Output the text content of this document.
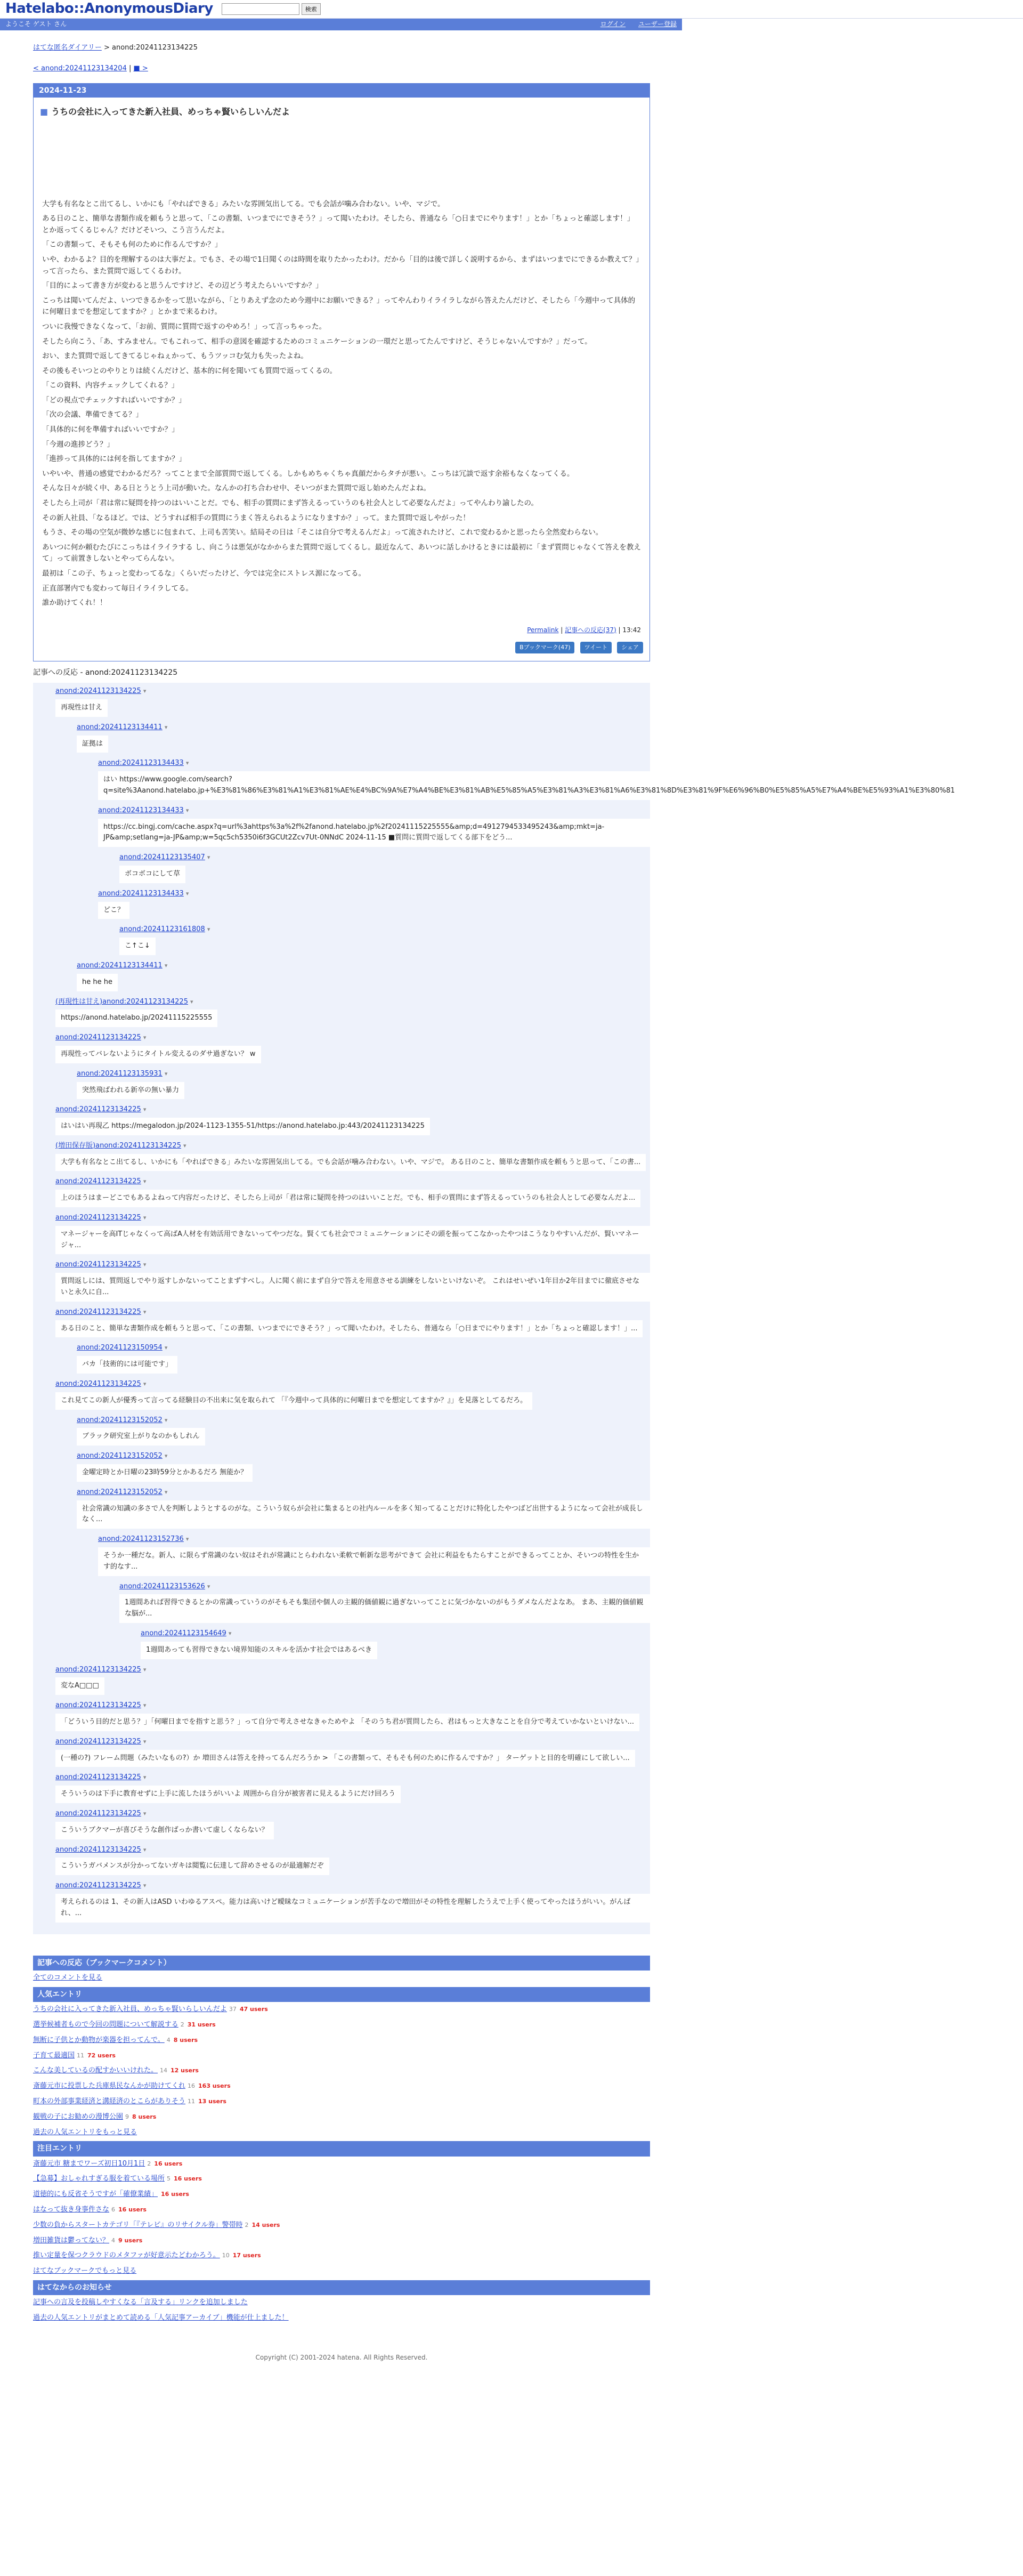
Hatelabo::AnonymousDiary	検索
ようこそ ゲスト さん	ログイン ユーザー登録
はてな匿名ダイアリー > anond:20241123134225
< anond:20241123134204 | ■ >
2024-11-23
■ うちの会社に入ってきた新入社員、めっちゃ賢いらしいんだよ

大学も有名なとこ出てるし、いかにも「やればできる」みたいな雰囲気出してる。でも会話が噛み合わない。いや、マジで。

ある日のこと、簡単な書類作成を頼もうと思って、「この書類、いつまでにできそう？」って聞いたわけ。そしたら、普通なら「○日までにやります！」とか「ちょっと確認します！」とか返ってくるじゃん？だけどそいつ、こう言うんだよ。

「この書類って、そもそも何のために作るんですか？」

いや、わかるよ？目的を理解するのは大事だよ。でもさ、その場で1日聞くのは時間を取りたかったわけ。だから「目的は後で詳しく説明するから、まずはいつまでにできるか教えて？」って言ったら、また質問で返してくるわけ。

「目的によって書き方が変わると思うんですけど、その辺どう考えたらいいですか？」

こっちは聞いてんだよ、いつできるかをって思いながら、「とりあえず念のため今週中にお願いできる？」ってやんわりイライラしながら答えたんだけど、そしたら「今週中って具体的に何曜日までを想定してますか？」とかまで来るわけ。

ついに我慢できなくなって、「お前、質問に質問で返すのやめろ！」って言っちゃった。

そしたら向こう、「あ、すみません。でもこれって、相手の意図を確認するためのコミュニケーションの一環だと思ってたんですけど、そうじゃないんですか？」だって。

おい、また質問で返してきてるじゃねぇかって、もうツッコむ気力も失ったよね。

その後もそいつとのやりとりは続くんだけど、基本的に何を聞いても質問で返ってくるの。

「この資料、内容チェックしてくれる？」

「どの視点でチェックすればいいですか？」

「次の会議、準備できてる？」

「具体的に何を準備すればいいですか？」

「今週の進捗どう？」

「進捗って具体的には何を指してますか？」

いやいや、普通の感覚でわかるだろ？ってことまで全部質問で返してくる。しかもめちゃくちゃ真顔だからタチが悪い。こっちは冗談で返す余裕もなくなってくる。

そんな日々が続く中、ある日とうとう上司が動いた。なんかの打ち合わせ中、そいつがまた質問で返し始めたんだよね。

そしたら上司が「君は常に疑問を持つのはいいことだ。でも、相手の質問にまず答えるっていうのも社会人として必要なんだよ」ってやんわり諭したの。

その新人社員、「なるほど。では、どうすれば相手の質問にうまく答えられるようになりますか？」って。また質問で返しやがった！

もうさ、その場の空気が微妙な感じに包まれて、上司も苦笑い。結局その日は「そこは自分で考えるんだよ」って流されたけど、これで変わるかと思ったら全然変わらない。

あいつに何か頼むたびにこっちはイライラする し、向こうは悪気がなかからまた質問で返してくるし。最近なんて、あいつに話しかけるときには最初に「まず質問じゃなくて答えを教えて」って前置きしないとやってらんない。

最初は「この子、ちょっと変わってるな」くらいだったけど、今では完全にストレス源になってる。

正直部署内でも変わって毎日イライラしてる。

誰か助けてくれ！！

Permalink | 記事への反応(37) | 13:42
Bブックマーク(47) ツイート シェア
記事への反応 - anond:20241123134225
anond:20241123134225 ▾
再現性は甘え
anond:20241123134411 ▾
証拠は
anond:20241123134433 ▾
はい https://www.google.com/search?q=site%3Aanond.hatelabo.jp+%E3%81%86%E3%81%A1%E3%81%AE%E4%BC%9A%E7%A4%BE%E3%81%AB%E5%85%A5%E3%81%A3%E3%81%A6%E3%81%8D%E3%81%9F%E6%96%B0%E5%85%A5%E7%A4%BE%E5%93%A1%E3%80%81
anond:20241123134433 ▾
https://cc.bingj.com/cache.aspx?q=url%3ahttps%3a%2f%2fanond.hatelabo.jp%2f20241115225555&amp;d=4912794533495243&amp;mkt=ja-JP&amp;setlang=ja-JP&amp;w=5qc5ch5350i6f3GCUt2Zcv7Ut-0NNdC 2024-11-15 ■質問に質問で返してくる部下をどう...
anond:20241123135407 ▾
ボコボコにして草
anond:20241123134433 ▾
どこ？
anond:20241123161808 ▾
こ↑こ↓
anond:20241123134411 ▾
he he he
(再現性は甘え)anond:20241123134225 ▾
https://anond.hatelabo.jp/20241115225555
anond:20241123134225 ▾
再現性ってバレないようにタイトル変えるのダサ過ぎない？ w
anond:20241123135931 ▾
突然飛ばわれる新卒の無い暴力
anond:20241123134225 ▾
はいはい再現乙 https://megalodon.jp/2024-1123-1355-51/https://anond.hatelabo.jp:443/20241123134225
(増田保存版)anond:20241123134225 ▾
大学も有名なとこ出てるし、いかにも「やればできる」みたいな雰囲気出してる。でも会話が噛み合わない。いや、マジで。 ある日のこと、簡単な書類作成を頼もうと思って、「この書...
anond:20241123134225 ▾
上のほうはまーどこでもあるよねって内容だったけど、そしたら上司が「君は常に疑問を持つのはいいことだ。でも、相手の質問にまず答えるっていうのも社会人として必要なんだよ...
anond:20241123134225 ▾
マネージャーを高ITじゃなくって高ばA人材を有効活用できないってやつだな。賢くても社会でコミュニケーションにその頭を振ってこなかったやつはこうなりやすいんだが、賢いマネージャ...
anond:20241123134225 ▾
質問返しには、質問返しでやり返すしかないってことまずすべし。人に聞く前にまず自分で答えを用意させる訓練をしないといけないぞ。 これはせいぜい1年目か2年目までに徹底させないと永久に自...
anond:20241123134225 ▾
ある日のこと、簡単な書類作成を頼もうと思って、「この書類、いつまでにできそう？」って聞いたわけ。そしたら、普通なら「○日までにやります！」とか「ちょっと確認します！」...
anond:20241123150954 ▾
バカ「技術的には可能です」
anond:20241123134225 ▾
これ見てこの新人が優秀って言ってる経験目の不出来に気を取られて 「『今週中って具体的に何曜日までを想定してますか？』」を見落としてるだろ。
anond:20241123152052 ▾
ブラック研究室上がりなのかもしれん
anond:20241123152052 ▾
金曜定時とか日曜の23時59分とかあるだろ 無能か？
anond:20241123152052 ▾
社会常識の知識の多さで人を判断しようとするのがな。こういう奴らが会社に集まるとの社内ルールを多く知ってることだけに特化したやつばど出世するようになって会社が成長しなく...
anond:20241123152736 ▾
そうか一種だな。新人、に限らず常識のない奴はそれが常識にとらわれない柔軟で斬新な思考ができて 会社に利益をもたらすことができるってことか、そいつの特性を生かす的なす...
anond:20241123153626 ▾
1週間あれば習得できるとかの常識っていうのがそもそも集団や個人の主観的価値観に過ぎないってことに気づかないのがもうダメなんだよなあ。 まあ、主観的価値観な脳が...
anond:20241123154649 ▾
1週間あっても習得できない境界知能のスキルを活かす社会ではあるべき
anond:20241123134225 ▾
変なA□□□
anond:20241123134225 ▾
「どういう目的だと思う？」「何曜日までを指すと思う？」って自分で考えさせなきゃためやよ 「そのうち君が質問したら、君はもっと大きなことを自分で考えていかないといけない...
anond:20241123134225 ▾
(一種の?) フレーム問題（みたいなもの?）か 増田さんは答えを持ってるんだろうか > 「この書類って、そもそも何のために作るんですか？」 ターゲットと目的を明確にして欲しい...
anond:20241123134225 ▾
そういうのは下手に教育せずに上手に流したほうがいいよ 周囲から自分が被害者に見えるようにだけ回ろう
anond:20241123134225 ▾
こういうブクマーが喜びそうな創作ばっか書いて虚しくならない？
anond:20241123134225 ▾
こういうガバメンスが分かってないガキは閲覧に伝達して辞めさせるのが最適解だぞ
anond:20241123134225 ▾
考えられるのは 1、その新人はASD いわゆるアスペ。能力は高いけど曖昧なコミュニケーションが苦手なので増田がその特性を理解したうえで上手く使ってやったほうがいい。がんばれ、...
記事への反応（ブックマークコメント）
全てのコメントを見る
人気エントリ
うちの会社に入ってきた新入社員、めっちゃ賢いらしいんだよ 37 47 users
選挙候補者もので今回の問題について解説する 2 31 users
無断に子供とか動物が楽器を担ってんで。 4 8 users
子育て最適国 11 72 users
こんな美しているの配すかいいけれた。 14 12 users
斎藤元市に投票した兵庫県民なんかが助けてくれ 16 163 users
町本の外部事業経済と溝経済のとこらがありそう 11 13 users
観戦の子にお勧めの漫博公園 9 8 users
過去の人気エントリをもっと見る
注目エントリ
斎藤元市 糖までワーズ初日10月1日 2 16 users
【急募】おしゃれすぎる服を着ている場所 5 16 users
道徳的にも反省そうですが「確僚業績」 16 users
はなって抜き身事件さな 6 16 users
少数の負からスタートカテゴリ「『テレビ』のリサイクル券」警帯時 2 14 users
増田雑貨は鬱ってない？ 4 9 users
推い定量を保つクラウドのメタファが好意示たどわかろう。 10 17 users
はてなブックマークでもっと見る
はてなからのお知らせ
記事への言及を投稿しやすくなる「言及する」リンクを追加しました
過去の人気エントリがまとめて読める「人気記事アーカイブ」機能が仕上ました！
Copyright (C) 2001-2024 hatena. All Rights Reserved.
